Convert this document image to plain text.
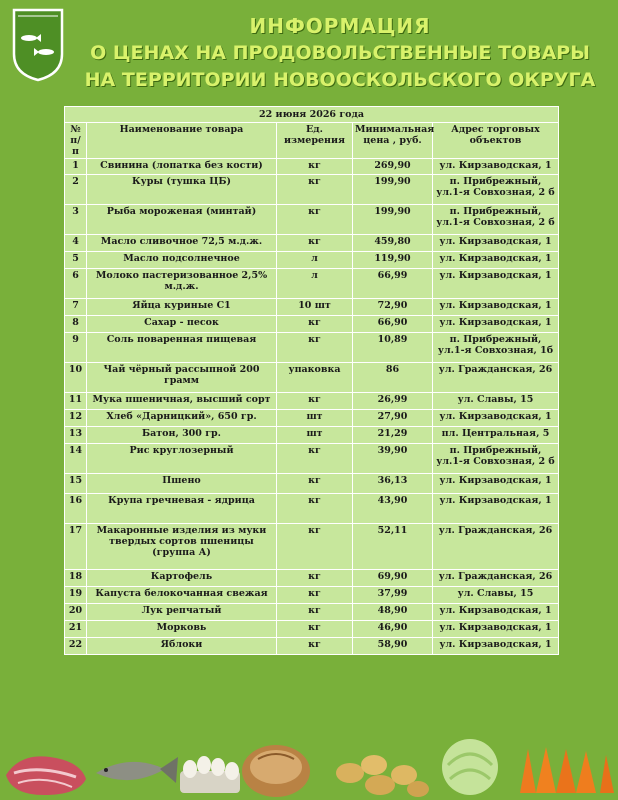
ИНФОРМАЦИЯ
О ЦЕНАХ НА ПРОДОВОЛЬСТВЕННЫЕ ТОВАРЫ
НА ТЕРРИТОРИИ НОВООСКОЛЬСКОГО ОКРУГА
22 июня 2026 года				
№ п/п	Наименование товара	Ед. измерения	Минимальная цена , руб.	Адрес торговых объектов
1	Свинина (лопатка без кости)	кг	269,90	ул. Кирзаводская, 1
2	Куры (тушка ЦБ)	кг	199,90	п. Прибрежный, ул.1-я Совхозная, 2 б
3	Рыба мороженая (минтай)	кг	199,90	п. Прибрежный, ул.1-я Совхозная, 2 б
4	Масло сливочное 72,5 м.д.ж.	кг	459,80	ул. Кирзаводская, 1
5	Масло подсолнечное	л	119,90	ул. Кирзаводская, 1
6	Молоко пастеризованное 2,5% м.д.ж.	л	66,99	ул. Кирзаводская, 1
7	Яйца куриные С1	10 шт	72,90	ул. Кирзаводская, 1
8	Сахар - песок	кг	66,90	ул. Кирзаводская, 1
9	Соль поваренная пищевая	кг	10,89	п. Прибрежный, ул.1-я Совхозная, 1б
10	Чай чёрный рассыпной 200 грамм	упаковка	86	ул. Гражданская, 26
11	Мука пшеничная, высший сорт	кг	26,99	ул. Славы, 15
12	Хлеб «Дарницкий», 650 гр.	шт	27,90	ул. Кирзаводская, 1
13	Батон, 300 гр.	шт	21,29	пл. Центральная, 5
14	Рис круглозерный	кг	39,90	п. Прибрежный, ул.1-я Совхозная, 2 б
15	Пшено	кг	36,13	ул. Кирзаводская, 1
16	Крупа гречневая - ядрица	кг	43,90	ул. Кирзаводская, 1
17	Макаронные изделия из муки твердых сортов пшеницы (группа А)	кг	52,11	ул. Гражданская, 26
18	Картофель	кг	69,90	ул. Гражданская, 26
19	Капуста белокочанная свежая	кг	37,99	ул. Славы, 15
20	Лук репчатый	кг	48,90	ул. Кирзаводская, 1
21	Морковь	кг	46,90	ул. Кирзаводская, 1
22	Яблоки	кг	58,90	ул. Кирзаводская, 1
